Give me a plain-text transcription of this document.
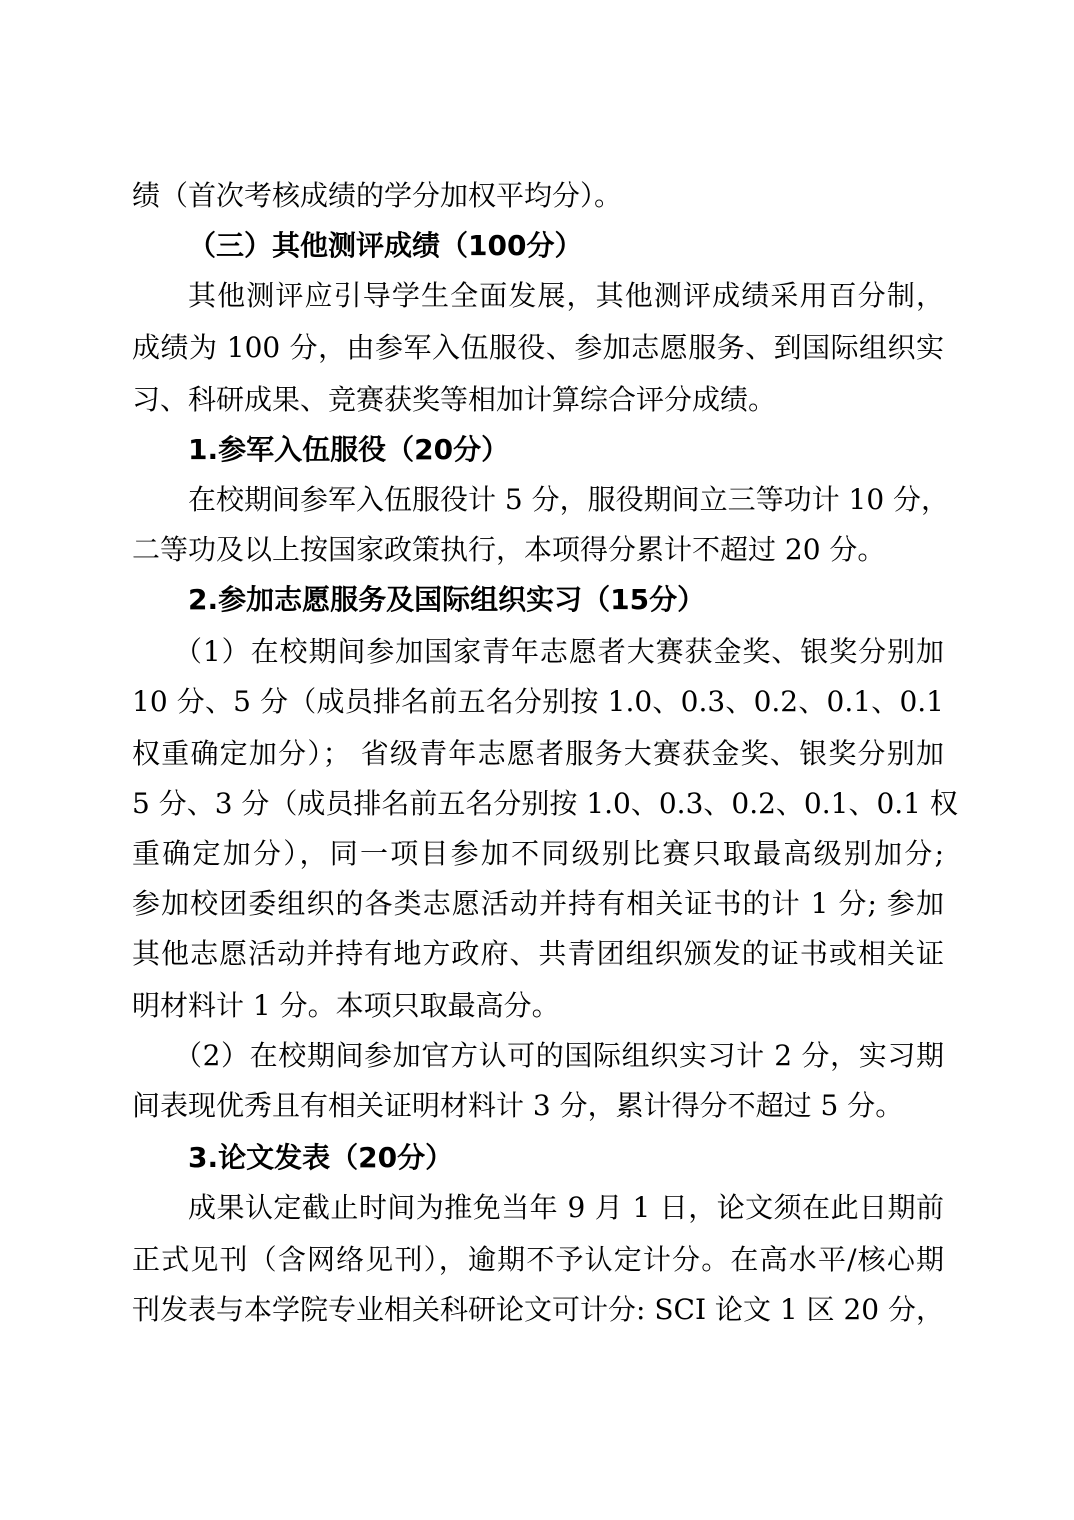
绩（首次考核成绩的学分加权平均分）。
（三）其他测评成绩（100分）
其他测评应引导学生全面发展，其他测评成绩采用百分制，
成绩为 100 分，由参军入伍服役、参加志愿服务、到国际组织实
习、科研成果、竞赛获奖等相加计算综合评分成绩。
1.参军入伍服役（20分）
在校期间参军入伍服役计 5 分，服役期间立三等功计 10 分，
二等功及以上按国家政策执行，本项得分累计不超过 20 分。
2.参加志愿服务及国际组织实习（15分）
（1）在校期间参加国家青年志愿者大赛获金奖、银奖分别加
10 分、5 分（成员排名前五名分别按 1.0、0.3、0.2、0.1、0.1
权重确定加分）； 省级青年志愿者服务大赛获金奖、银奖分别加
5 分、3 分（成员排名前五名分别按 1.0、0.3、0.2、0.1、0.1 权
重确定加分），同一项目参加不同级别比赛只取最高级别加分;
参加校团委组织的各类志愿活动并持有相关证书的计 1 分; 参加
其他志愿活动并持有地方政府、共青团组织颁发的证书或相关证
明材料计 1 分。本项只取最高分。
（2）在校期间参加官方认可的国际组织实习计 2 分，实习期
间表现优秀且有相关证明材料计 3 分，累计得分不超过 5 分。
3.论文发表（20分）
成果认定截止时间为推免当年 9 月 1 日，论文须在此日期前
正式见刊（含网络见刊），逾期不予认定计分。在高水平/核心期
刊发表与本学院专业相关科研论文可计分: SCI 论文 1 区 20 分，
